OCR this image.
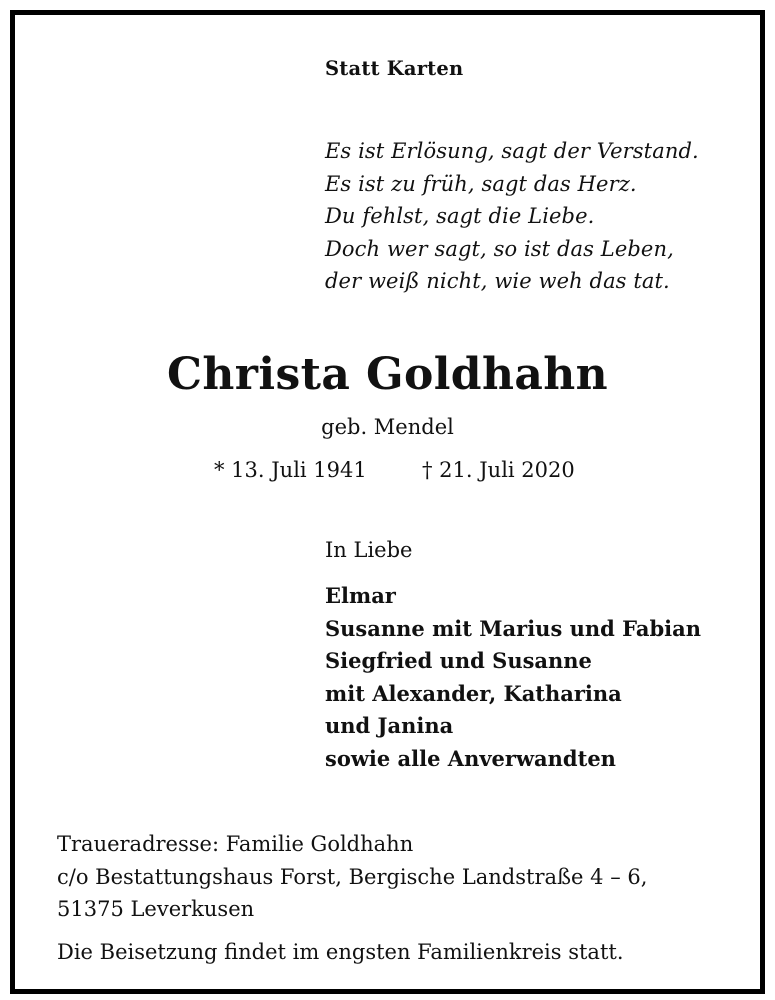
Statt Karten
Es ist Erlösung, sagt der Verstand.
Es ist zu früh, sagt das Herz.
Du fehlst, sagt die Liebe.
Doch wer sagt, so ist das Leben,
der weiß nicht, wie weh das tat.
Christa Goldhahn
geb. Mendel
* 13. Juli 1941	† 21. Juli 2020
In Liebe
Elmar
Susanne mit Marius und Fabian
Siegfried und Susanne
mit Alexander, Katharina
und Janina
sowie alle Anverwandten
Traueradresse: Familie Goldhahn
c/o Bestattungshaus Forst, Bergische Landstraße 4 – 6,
51375 Leverkusen
Die Beisetzung findet im engsten Familienkreis statt.
